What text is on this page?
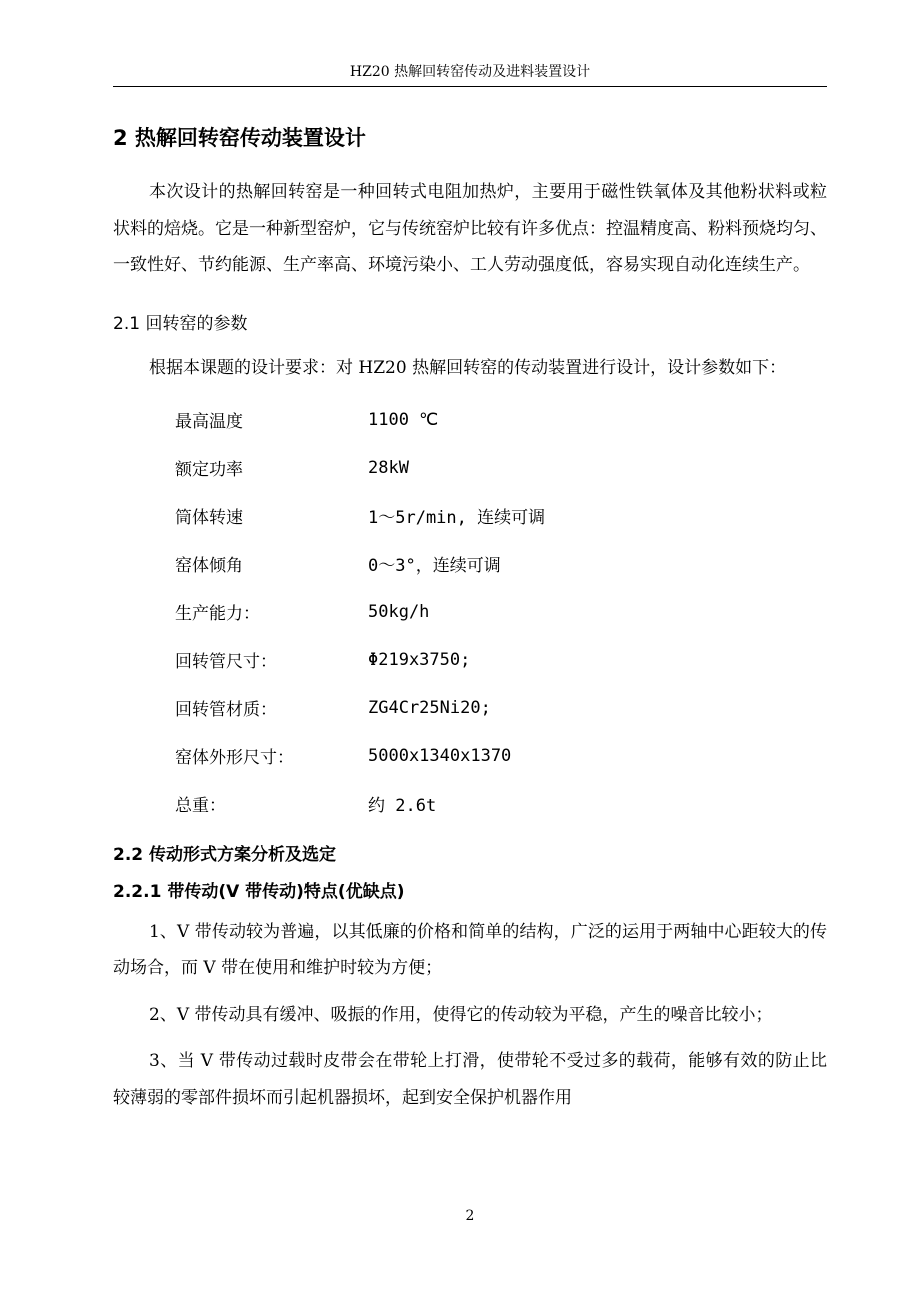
HZ20 热解回转窑传动及进料装置设计
2 热解回转窑传动装置设计

本次设计的热解回转窑是一种回转式电阻加热炉，主要用于磁性铁氧体及其他粉状料或粒状料的焙烧。它是一种新型窑炉，它与传统窑炉比较有许多优点：控温精度高、粉料预烧均匀、一致性好、节约能源、生产率高、环境污染小、工人劳动强度低，容易实现自动化连续生产。

2.1 回转窑的参数

根据本课题的设计要求：对 HZ20 热解回转窑的传动装置进行设计，设计参数如下：

最高温度	1100 ℃
额定功率	28kW
筒体转速	1～5r/min, 连续可调
窑体倾角	0～3°，连续可调
生产能力：	50kg/h
回转管尺寸：	Φ219x3750;
回转管材质：	ZG4Cr25Ni20;
窑体外形尺寸：	5000x1340x1370
总重：	约 2.6t
2.2 传动形式方案分析及选定
2.2.1 带传动(V 带传动)特点(优缺点)

1、V 带传动较为普遍，以其低廉的价格和简单的结构，广泛的运用于两轴中心距较大的传动场合，而 V 带在使用和维护时较为方便；

2、V 带传动具有缓冲、吸振的作用，使得它的传动较为平稳，产生的噪音比较小；

3、当 V 带传动过载时皮带会在带轮上打滑，使带轮不受过多的载荷，能够有效的防止比较薄弱的零部件损坏而引起机器损坏，起到安全保护机器作用

2
